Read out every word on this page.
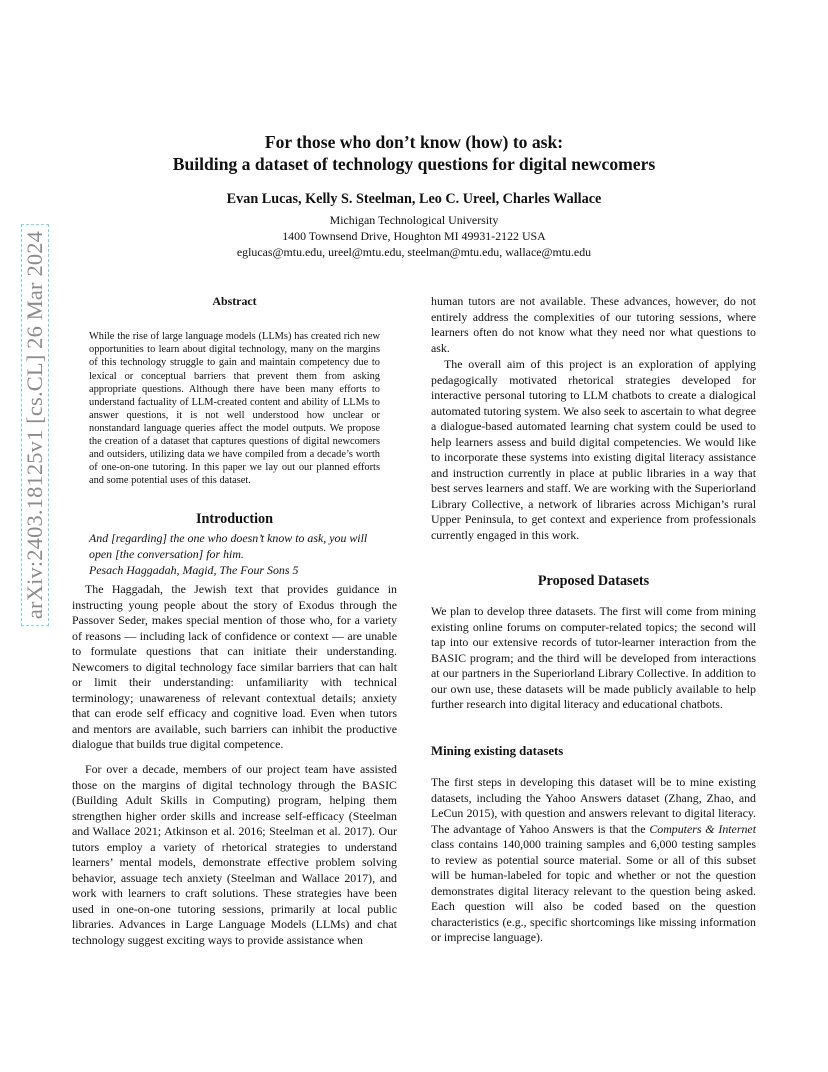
arXiv:2403.18125v1 [cs.CL] 26 Mar 2024
For those who don’t know (how) to ask:
Building a dataset of technology questions for digital newcomers
Evan Lucas, Kelly S. Steelman, Leo C. Ureel, Charles Wallace
Michigan Technological University
1400 Townsend Drive, Houghton MI 49931-2122 USA
eglucas@mtu.edu, ureel@mtu.edu, steelman@mtu.edu, wallace@mtu.edu
Abstract

While the rise of large language models (LLMs) has created rich new opportunities to learn about digital technology, many on the margins of this technology struggle to gain and maintain competency due to lexical or conceptual barriers that prevent them from asking appropriate questions. Although there have been many efforts to understand factuality of LLM-created content and ability of LLMs to answer questions, it is not well understood how unclear or nonstandard language queries affect the model outputs. We propose the creation of a dataset that captures questions of digital newcomers and outsiders, utilizing data we have compiled from a decade’s worth of one-on-one tutoring. In this paper we lay out our planned efforts and some potential uses of this dataset.

Introduction

And [regarding] the one who doesn’t know to ask, you will open [the conversation] for him.

Pesach Haggadah, Magid, The Four Sons 5

The Haggadah, the Jewish text that provides guidance in instructing young people about the story of Exodus through the Passover Seder, makes special mention of those who, for a variety of reasons — including lack of confidence or context — are unable to formulate questions that can initiate their understanding. Newcomers to digital technology face similar barriers that can halt or limit their understanding: unfamiliarity with technical terminology; unawareness of relevant contextual details; anxiety that can erode self efficacy and cognitive load. Even when tutors and mentors are available, such barriers can inhibit the productive dialogue that builds true digital competence.

For over a decade, members of our project team have assisted those on the margins of digital technology through the BASIC (Building Adult Skills in Computing) program, helping them strengthen higher order skills and increase self-efficacy (Steelman and Wallace 2021; Atkinson et al. 2016; Steelman et al. 2017). Our tutors employ a variety of rhetorical strategies to understand learners’ mental models, demonstrate effective problem solving behavior, assuage tech anxiety (Steelman and Wallace 2017), and work with learners to craft solutions. These strategies have been used in one-on-one tutoring sessions, primarily at local public libraries. Advances in Large Language Models (LLMs) and chat technology suggest exciting ways to provide assistance when

human tutors are not available. These advances, however, do not entirely address the complexities of our tutoring sessions, where learners often do not know what they need nor what questions to ask.

The overall aim of this project is an exploration of applying pedagogically motivated rhetorical strategies developed for interactive personal tutoring to LLM chatbots to create a dialogical automated tutoring system. We also seek to ascertain to what degree a dialogue-based automated learning chat system could be used to help learners assess and build digital competencies. We would like to incorporate these systems into existing digital literacy assistance and instruction currently in place at public libraries in a way that best serves learners and staff. We are working with the Superiorland Library Collective, a network of libraries across Michigan’s rural Upper Peninsula, to get context and experience from professionals currently engaged in this work.

Proposed Datasets

We plan to develop three datasets. The first will come from mining existing online forums on computer-related topics; the second will tap into our extensive records of tutor-learner interaction from the BASIC program; and the third will be developed from interactions at our partners in the Superiorland Library Collective. In addition to our own use, these datasets will be made publicly available to help further research into digital literacy and educational chatbots.

Mining existing datasets

The first steps in developing this dataset will be to mine existing datasets, including the Yahoo Answers dataset (Zhang, Zhao, and LeCun 2015), with question and answers relevant to digital literacy. The advantage of Yahoo Answers is that the Computers & Internet class contains 140,000 training samples and 6,000 testing samples to review as potential source material. Some or all of this subset will be human-labeled for topic and whether or not the question demonstrates digital literacy relevant to the question being asked. Each question will also be coded based on the question characteristics (e.g., specific shortcomings like missing information or imprecise language).
